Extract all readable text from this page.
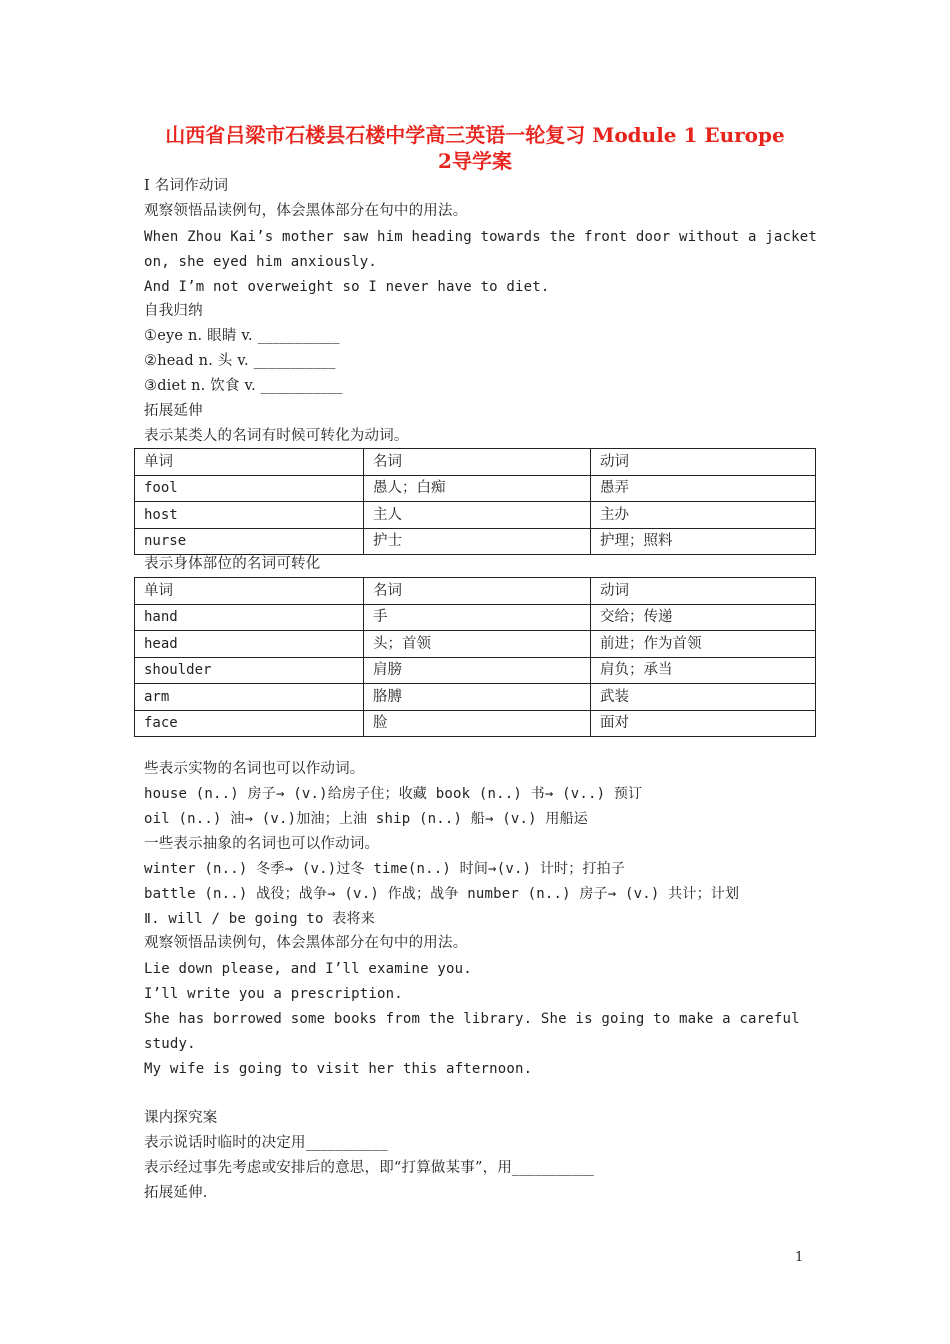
山西省吕梁市石楼县石楼中学高三英语一轮复习 Module 1 Europe
2导学案
Ⅰ 名词作动词
观察领悟品读例句，体会黑体部分在句中的用法。
When Zhou Kai’s mother saw him heading towards the front door without a jacket
on, she eyed him anxiously.
And I’m not overweight so I never have to diet.
自我归纳
①eye n. 眼睛 v. ___________
②head n. 头 v. ___________
③diet n. 饮食 v. ___________
拓展延伸
表示某类人的名词有时候可转化为动词。
单词	名词	动词
fool	愚人；白痴	愚弄
host	主人	主办
nurse	护士	护理；照料
表示身体部位的名词可转化
单词	名词	动词
hand	手	交给；传递
head	头；首领	前进；作为首领
shoulder	肩膀	肩负；承当
arm	胳膊	武装
face	脸	面对
些表示实物的名词也可以作动词。
house (n..) 房子→ (v.)给房子住；收藏 book (n..) 书→ (v..) 预订
oil (n..) 油→ (v.)加油；上油 ship (n..) 船→ (v.) 用船运
一些表示抽象的名词也可以作动词。
winter (n..) 冬季→ (v.)过冬 time(n..) 时间→(v.) 计时；打拍子
battle (n..) 战役；战争→ (v.) 作战；战争 number (n..) 房子→ (v.) 共计；计划
Ⅱ. will / be going to 表将来
观察领悟品读例句，体会黑体部分在句中的用法。
Lie down please, and I’ll examine you.
I’ll write you a prescription.
She has borrowed some books from the library. She is going to make a careful
study.
My wife is going to visit her this afternoon.
课内探究案
表示说话时临时的决定用___________
表示经过事先考虑或安排后的意思，即“打算做某事”，用___________
拓展延伸.
1
